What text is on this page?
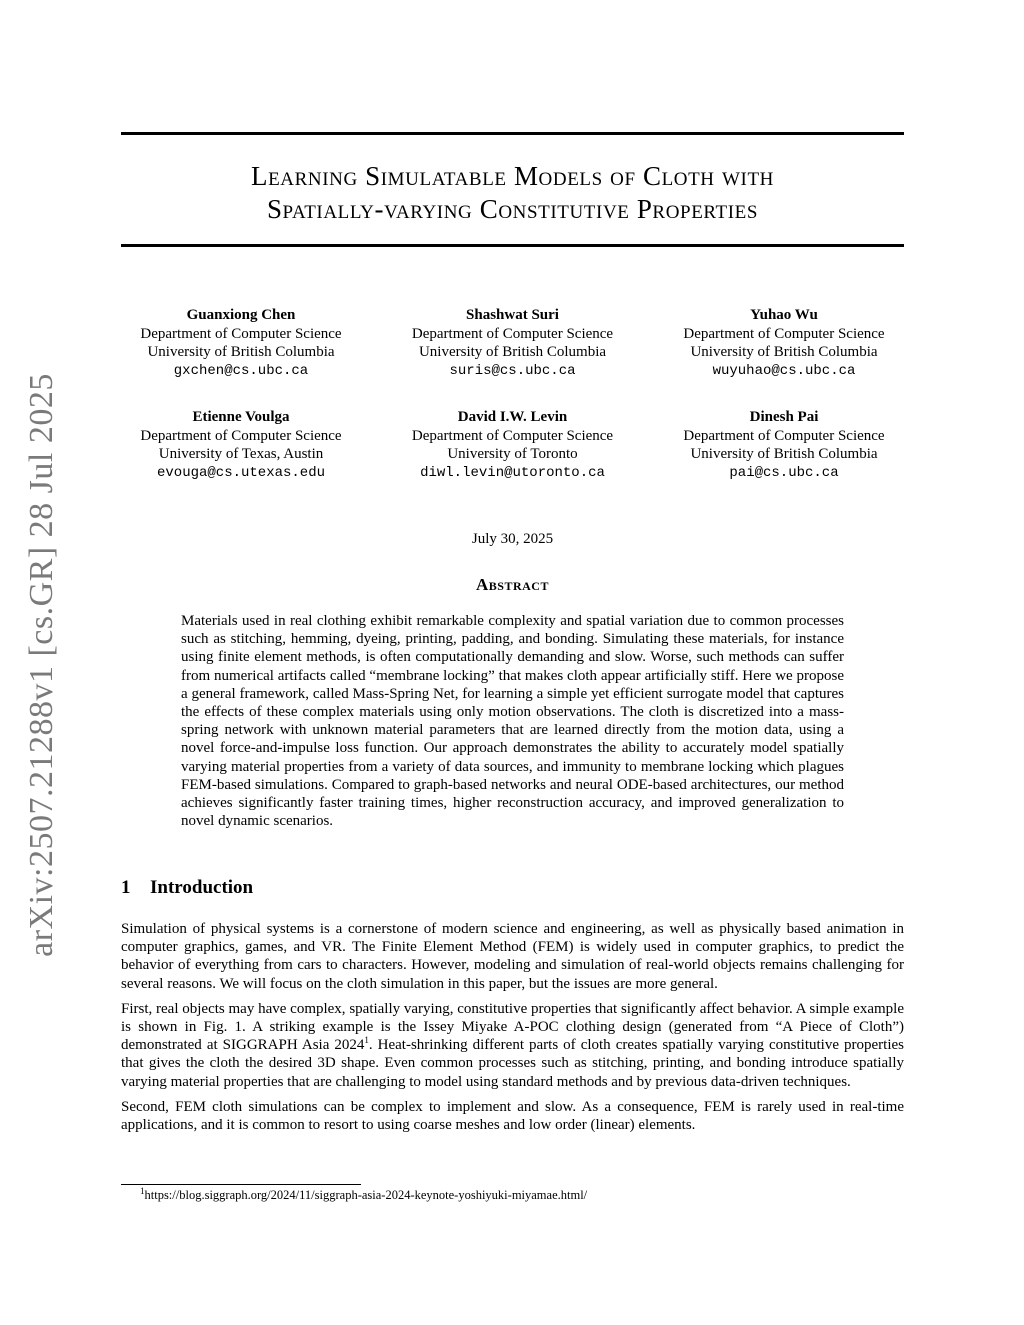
arXiv:2507.21288v1 [cs.GR] 28 Jul 2025
Learning Simulatable Models of Cloth with
Spatially-varying Constitutive Properties
Guanxiong Chen
Department of Computer Science
University of British Columbia
gxchen@cs.ubc.ca
Shashwat Suri
Department of Computer Science
University of British Columbia
suris@cs.ubc.ca
Yuhao Wu
Department of Computer Science
University of British Columbia
wuyuhao@cs.ubc.ca
Etienne Voulga
Department of Computer Science
University of Texas, Austin
evouga@cs.utexas.edu
David I.W. Levin
Department of Computer Science
University of Toronto
diwl.levin@utoronto.ca
Dinesh Pai
Department of Computer Science
University of British Columbia
pai@cs.ubc.ca
July 30, 2025
Abstract
Materials used in real clothing exhibit remarkable complexity and spatial variation due to common processes such as stitching, hemming, dyeing, printing, padding, and bonding. Simulating these materials, for instance using finite element methods, is often computationally demanding and slow. Worse, such methods can suffer from numerical artifacts called “membrane locking” that makes cloth appear artificially stiff. Here we propose a general framework, called Mass-Spring Net, for learning a simple yet efficient surrogate model that captures the effects of these complex materials using only motion observations. The cloth is discretized into a mass-spring network with unknown material parameters that are learned directly from the motion data, using a novel force-and-impulse loss function. Our approach demonstrates the ability to accurately model spatially varying material properties from a variety of data sources, and immunity to membrane locking which plagues FEM-based simulations. Compared to graph-based networks and neural ODE-based architectures, our method achieves significantly faster training times, higher reconstruction accuracy, and improved generalization to novel dynamic scenarios.
1 Introduction

Simulation of physical systems is a cornerstone of modern science and engineering, as well as physically based animation in computer graphics, games, and VR. The Finite Element Method (FEM) is widely used in computer graphics, to predict the behavior of everything from cars to characters. However, modeling and simulation of real-world objects remains challenging for several reasons. We will focus on the cloth simulation in this paper, but the issues are more general.

First, real objects may have complex, spatially varying, constitutive properties that significantly affect behavior. A simple example is shown in Fig. 1. A striking example is the Issey Miyake A-POC clothing design (generated from “A Piece of Cloth”) demonstrated at SIGGRAPH Asia 2024$^1$. Heat-shrinking different parts of cloth creates spatially varying constitutive properties that gives the cloth the desired 3D shape. Even common processes such as stitching, printing, and bonding introduce spatially varying material properties that are challenging to model using standard methods and by previous data-driven techniques.

Second, FEM cloth simulations can be complex to implement and slow. As a consequence, FEM is rarely used in real-time applications, and it is common to resort to using coarse meshes and low order (linear) elements.

$^1$https://blog.siggraph.org/2024/11/siggraph-asia-2024-keynote-yoshiyuki-miyamae.html/
